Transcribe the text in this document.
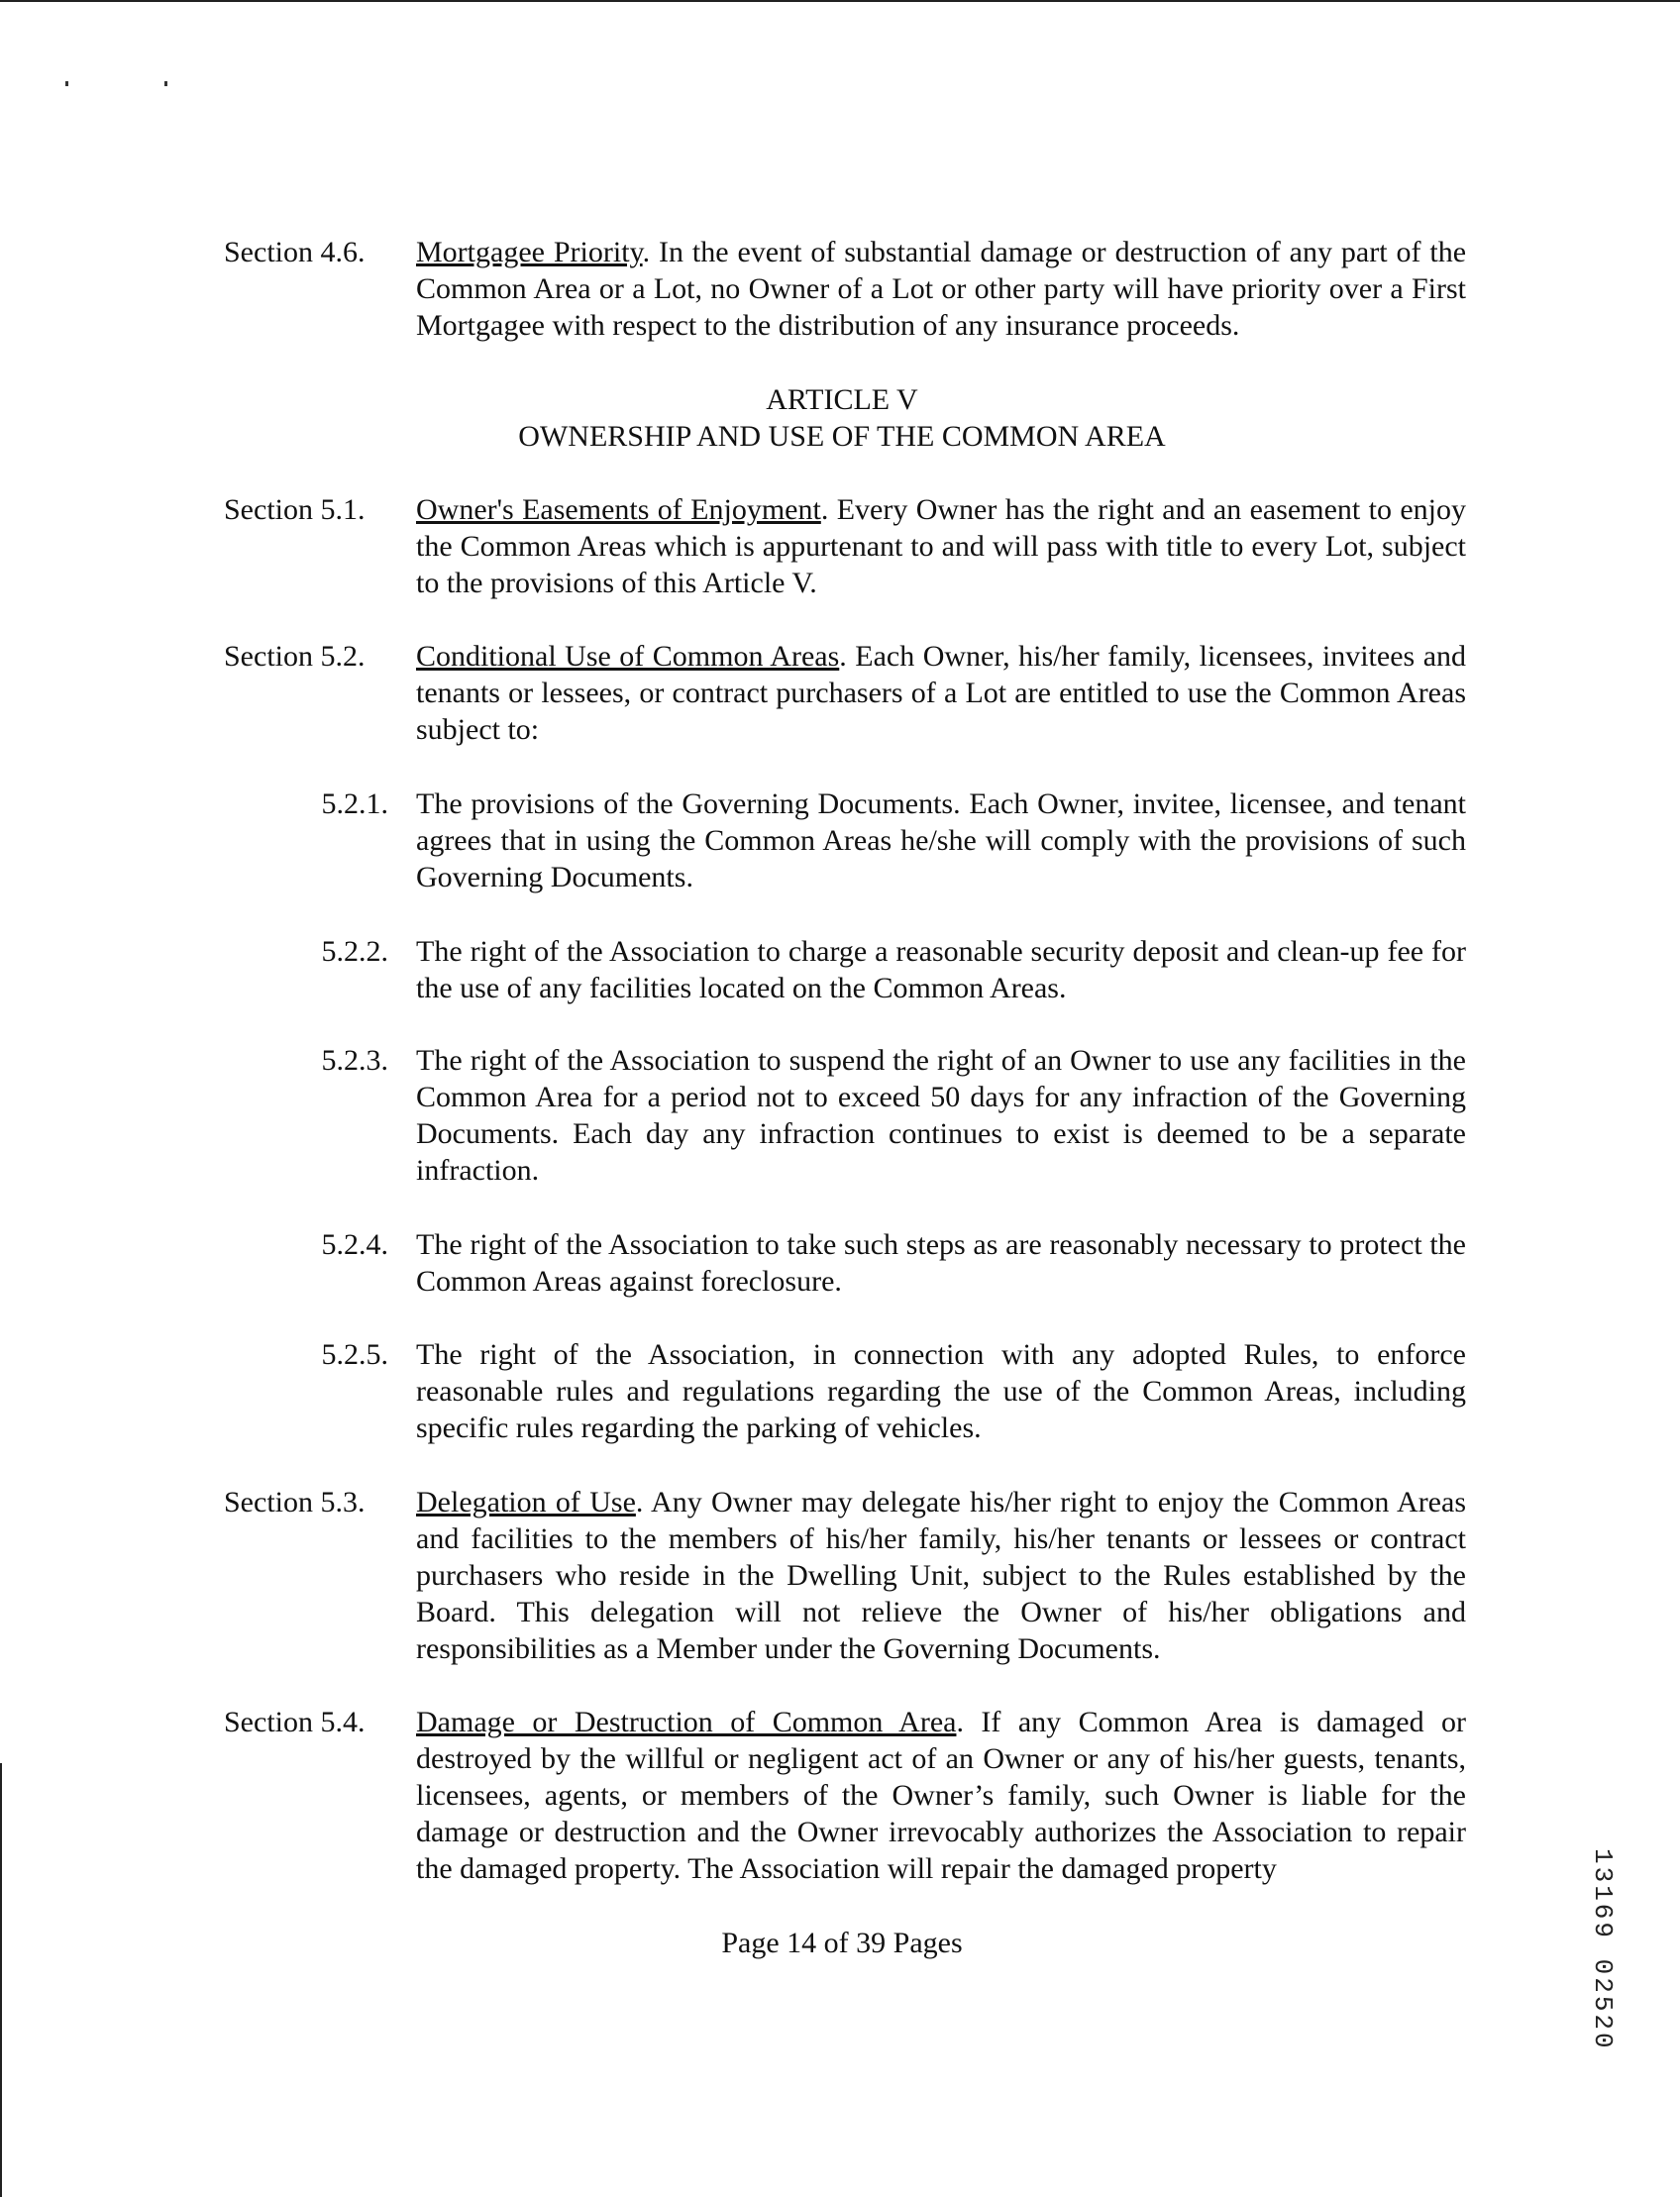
Section 4.6. Mortgagee Priority. In the event of substantial damage or destruction of any part of the Common Area or a Lot, no Owner of a Lot or other party will have priority over a First Mortgagee with respect to the distribution of any insurance proceeds.
ARTICLE V
OWNERSHIP AND USE OF THE COMMON AREA
Section 5.1. Owner's Easements of Enjoyment. Every Owner has the right and an easement to enjoy the Common Areas which is appurtenant to and will pass with title to every Lot, subject to the provisions of this Article V.
Section 5.2. Conditional Use of Common Areas. Each Owner, his/her family, licensees, invitees and tenants or lessees, or contract purchasers of a Lot are entitled to use the Common Areas subject to:
5.2.1. The provisions of the Governing Documents. Each Owner, invitee, licensee, and tenant agrees that in using the Common Areas he/she will comply with the provisions of such Governing Documents.
5.2.2. The right of the Association to charge a reasonable security deposit and clean-up fee for the use of any facilities located on the Common Areas.
5.2.3. The right of the Association to suspend the right of an Owner to use any facilities in the Common Area for a period not to exceed 50 days for any infraction of the Governing Documents. Each day any infraction continues to exist is deemed to be a separate infraction.
5.2.4. The right of the Association to take such steps as are reasonably necessary to protect the Common Areas against foreclosure.
5.2.5. The right of the Association, in connection with any adopted Rules, to enforce reasonable rules and regulations regarding the use of the Common Areas, including specific rules regarding the parking of vehicles.
Section 5.3. Delegation of Use. Any Owner may delegate his/her right to enjoy the Common Areas and facilities to the members of his/her family, his/her tenants or lessees or contract purchasers who reside in the Dwelling Unit, subject to the Rules established by the Board. This delegation will not relieve the Owner of his/her obligations and responsibilities as a Member under the Governing Documents.
Section 5.4. Damage or Destruction of Common Area. If any Common Area is damaged or destroyed by the willful or negligent act of an Owner or any of his/her guests, tenants, licensees, agents, or members of the Owner’s family, such Owner is liable for the damage or destruction and the Owner irrevocably authorizes the Association to repair the damaged property. The Association will repair the damaged property
Page 14 of 39 Pages	13169 02520
